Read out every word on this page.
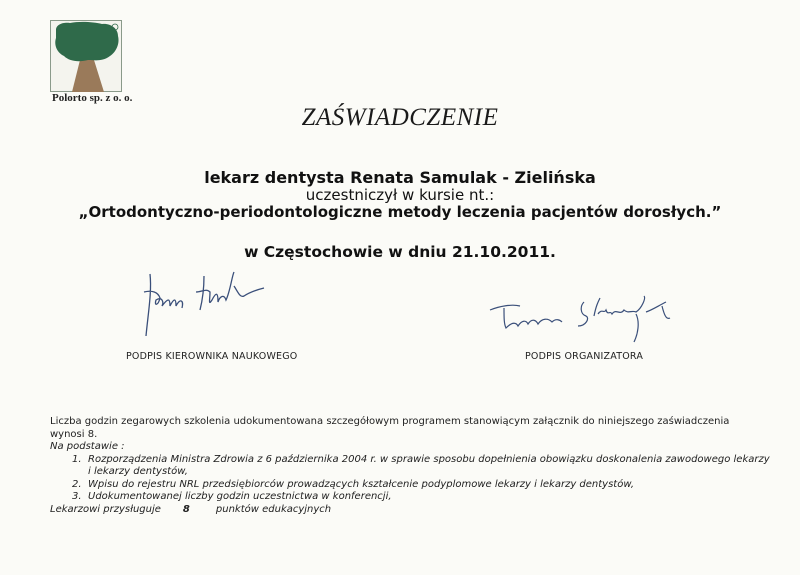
Polorto sp. z o. o.
ZAŚWIADCZENIE
lekarz dentysta Renata Samulak - Zielińska
uczestniczył w kursie nt.:
„Ortodontyczno-periodontologiczne metody leczenia pacjentów dorosłych.”
w Częstochowie w dniu 21.10.2011.
PODPIS KIEROWNIKA NAUKOWEGO	PODPIS ORGANIZATORA
Liczba godzin zegarowych szkolenia udokumentowana szczegółowym programem stanowiącym załącznik do niniejszego zaświadczenia
wynosi 8.
Na podstawie :
1. Rozporządzenia Ministra Zdrowia z 6 października 2004 r. w sprawie sposobu dopełnienia obowiązku doskonalenia zawodowego lekarzy i lekarzy dentystów,
2. Wpisu do rejestru NRL przedsiębiorców prowadzących kształcenie podyplomowe lekarzy i lekarzy dentystów,
3. Udokumentowanej liczby godzin uczestnictwa w konferencji,
Lekarzowi przysługuje 8	punktów edukacyjnych
